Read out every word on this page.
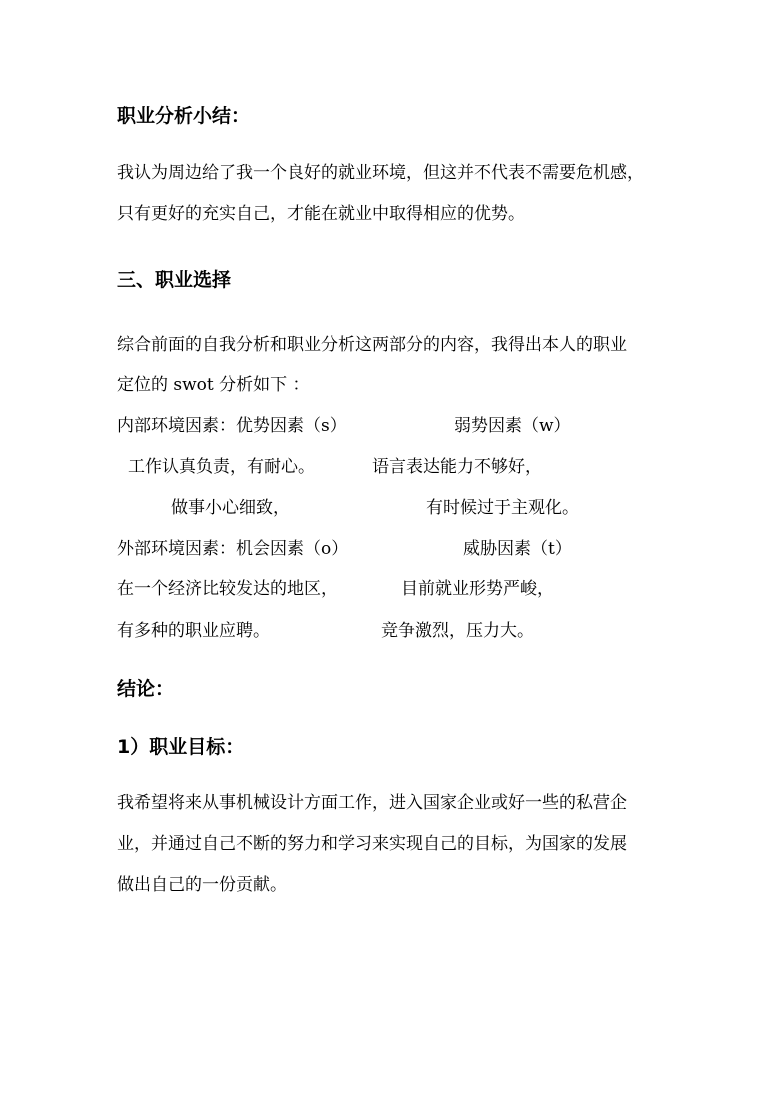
职业分析小结：
我认为周边给了我一个良好的就业环境，但这并不代表不需要危机感，
只有更好的充实自己，才能在就业中取得相应的优势。
三、职业选择
综合前面的自我分析和职业分析这两部分的内容，我得出本人的职业
定位的 swot 分析如下 ：
内部环境因素：优势因素（s）	弱势因素（w）
工作认真负责，有耐心。	语言表达能力不够好，
做事小心细致，	有时候过于主观化。
外部环境因素：机会因素（o）	威胁因素（t）
在一个经济比较发达的地区，	目前就业形势严峻，
有多种的职业应聘。	竞争激烈，压力大。
结论：
1）职业目标：
我希望将来从事机械设计方面工作，进入国家企业或好一些的私营企
业，并通过自己不断的努力和学习来实现自己的目标，为国家的发展
做出自己的一份贡献。
